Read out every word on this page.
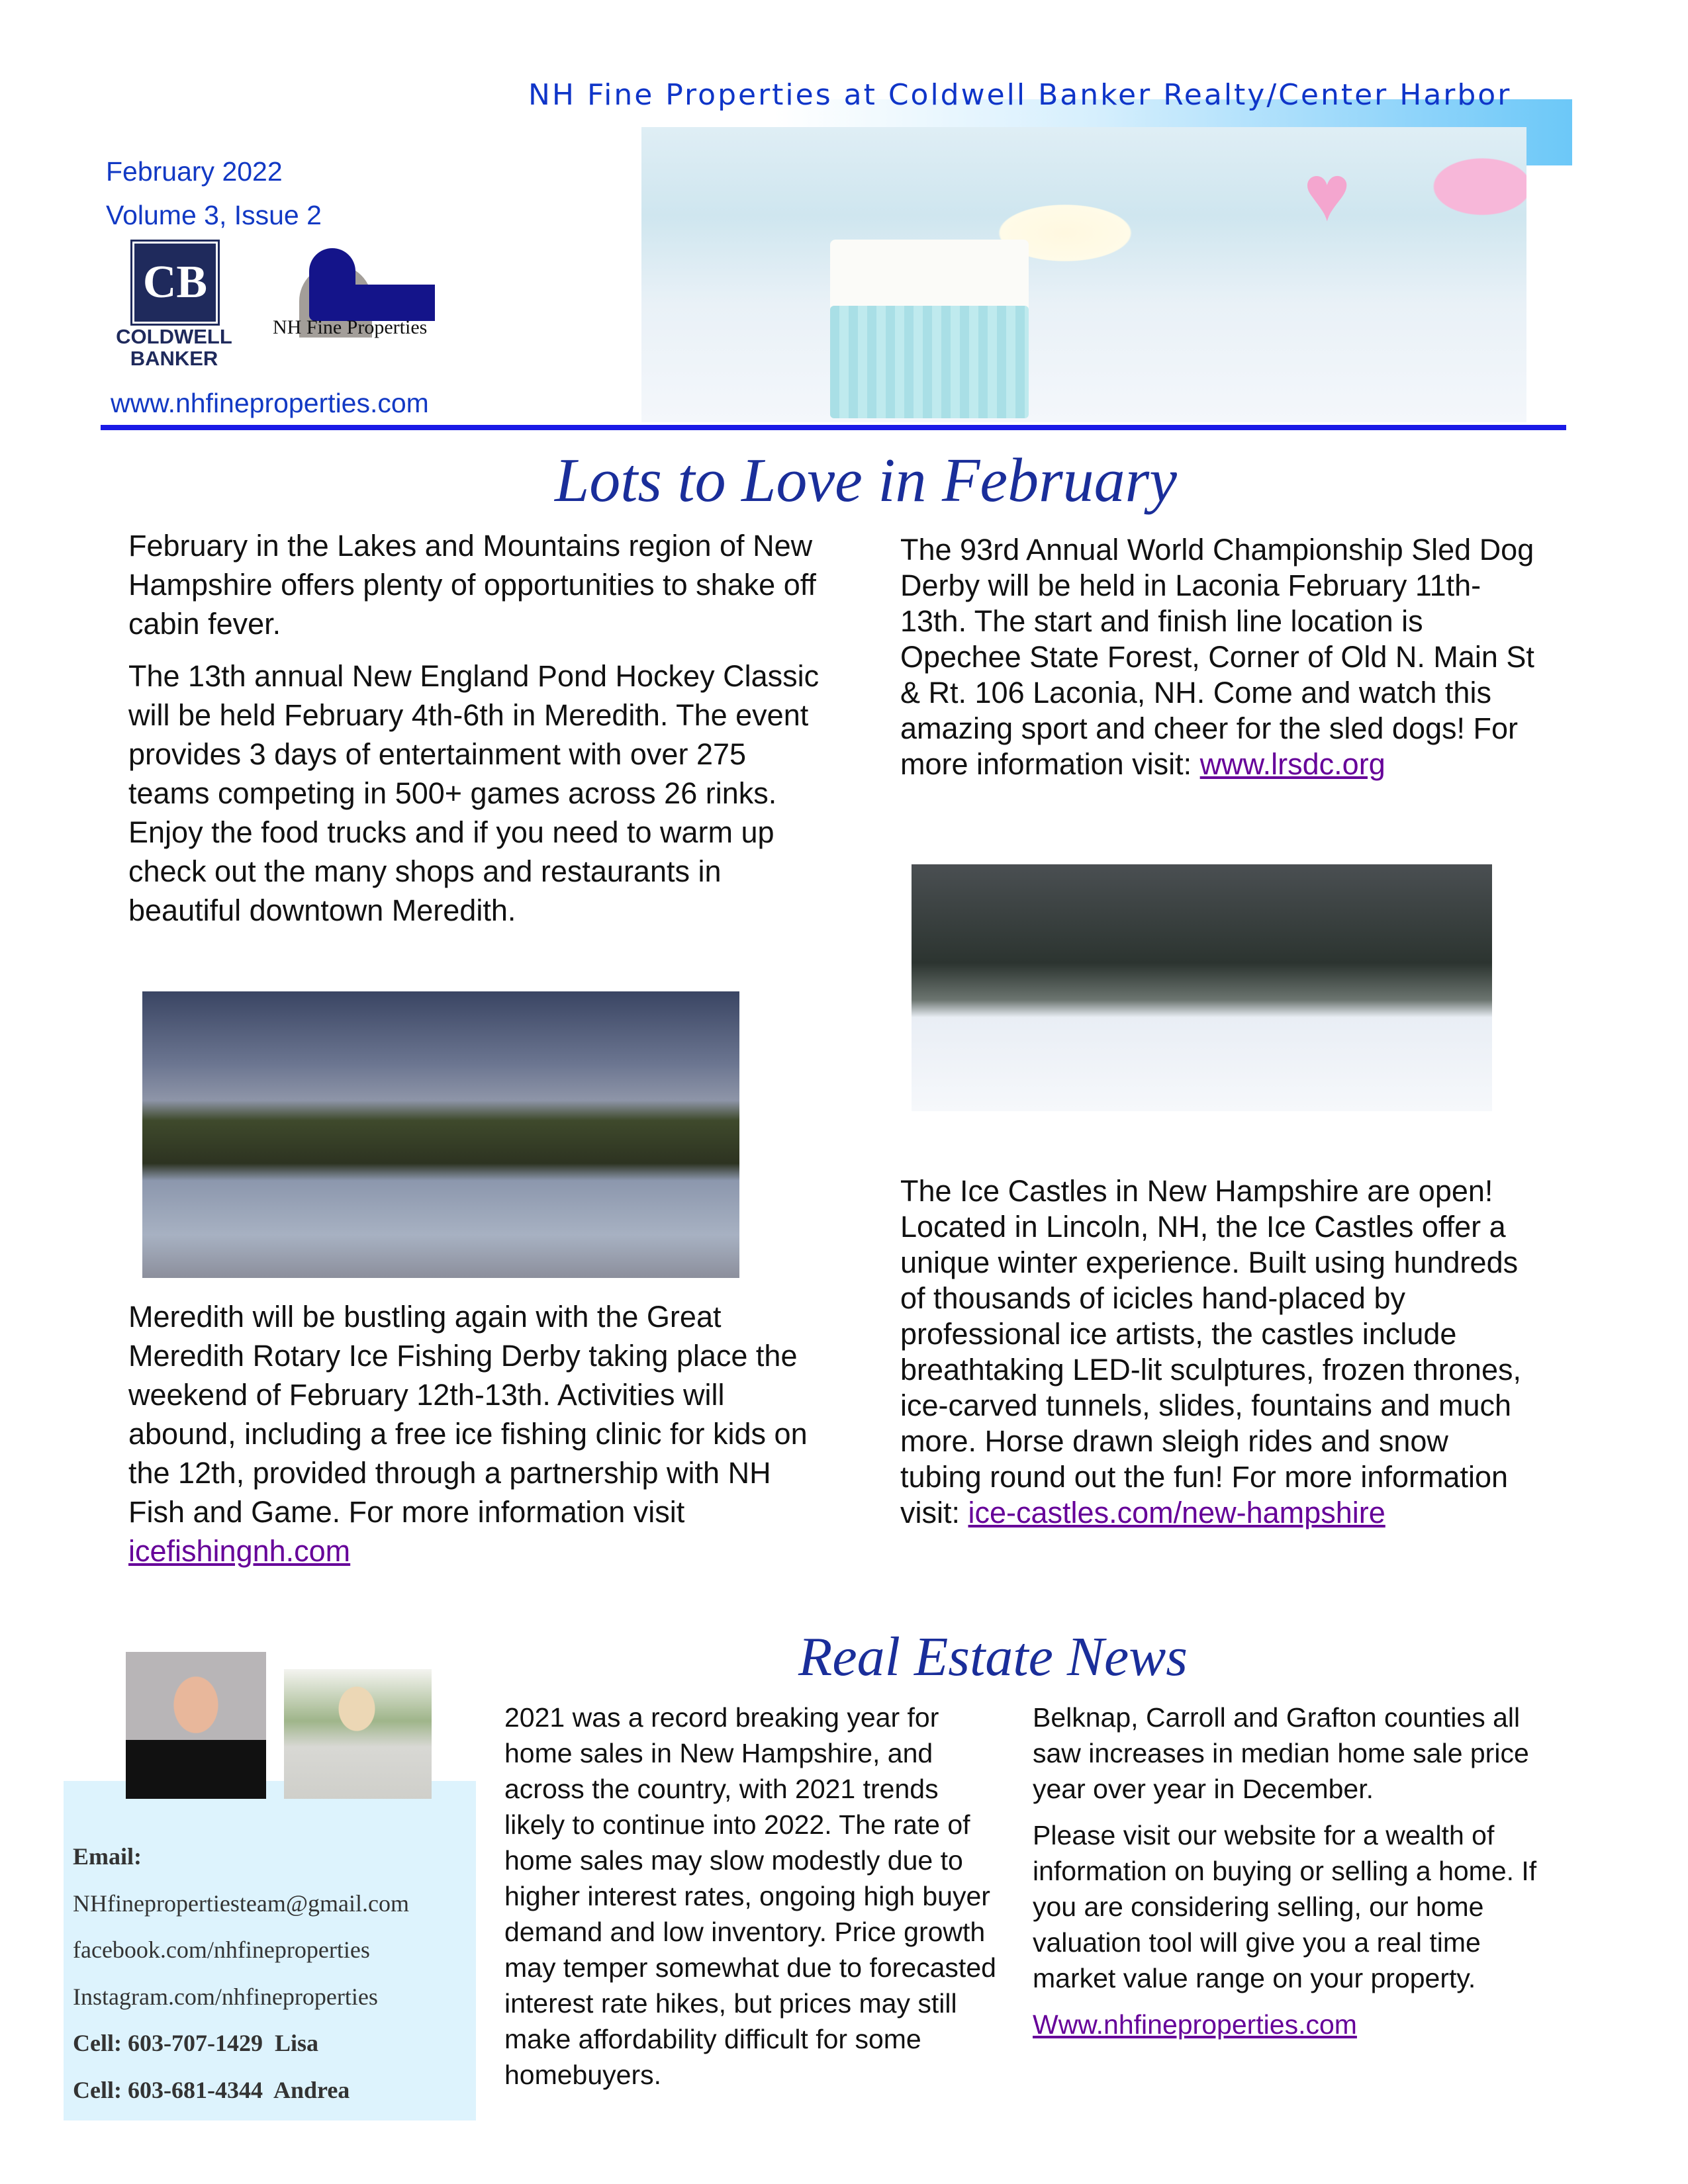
NH Fine Properties at Coldwell Banker Realty/Center Harbor
♥
February 2022
Volume 3, Issue 2
CB
COLDWELL BANKER
NH Fine Properties
www.nhfineproperties.com
Lots to Love in February

February in the Lakes and Mountains region of New Hampshire offers plenty of opportunities to shake off cabin fever.

The 13th annual New England Pond Hockey Classic will be held February 4th-6th in Meredith. The event provides 3 days of entertainment with over 275 teams competing in 500+ games across 26 rinks. Enjoy the food trucks and if you need to warm up check out the many shops and restaurants in beautiful downtown Meredith.

Meredith will be bustling again with the Great Meredith Rotary Ice Fishing Derby taking place the weekend of February 12th-13th. Activities will abound, including a free ice fishing clinic for kids on the 12th, provided through a partnership with NH Fish and Game. For more information visit icefishingnh.com

The 93rd Annual World Championship Sled Dog Derby will be held in Laconia February 11th-13th. The start and finish line location is Opechee State Forest, Corner of Old N. Main St & Rt. 106 Laconia, NH. Come and watch this amazing sport and cheer for the sled dogs! For more information visit: www.lrsdc.org

The Ice Castles in New Hampshire are open! Located in Lincoln, NH, the Ice Castles offer a unique winter experience. Built using hundreds of thousands of icicles hand-placed by professional ice artists, the castles include breathtaking LED-lit sculptures, frozen thrones, ice-carved tunnels, slides, fountains and much more. Horse drawn sleigh rides and snow tubing round out the fun! For more information visit: ice-castles.com/new-hampshire

Real Estate News
Email:
NHfinepropertiesteam@gmail.com
facebook.com/nhfineproperties
Instagram.com/nhfineproperties
Cell: 603-707-1429  Lisa
Cell: 603-681-4344  Andrea
2021 was a record breaking year for home sales in New Hampshire, and across the country, with 2021 trends likely to continue into 2022. The rate of home sales may slow modestly due to higher interest rates, ongoing high buyer demand and low inventory. Price growth may temper somewhat due to forecasted interest rate hikes, but prices may still make affordability difficult for some homebuyers.

Belknap, Carroll and Grafton counties all saw increases in median home sale price year over year in December.

Please visit our website for a wealth of information on buying or selling a home. If you are considering selling, our home valuation tool will give you a real time market value range on your property.

Www.nhfineproperties.com
